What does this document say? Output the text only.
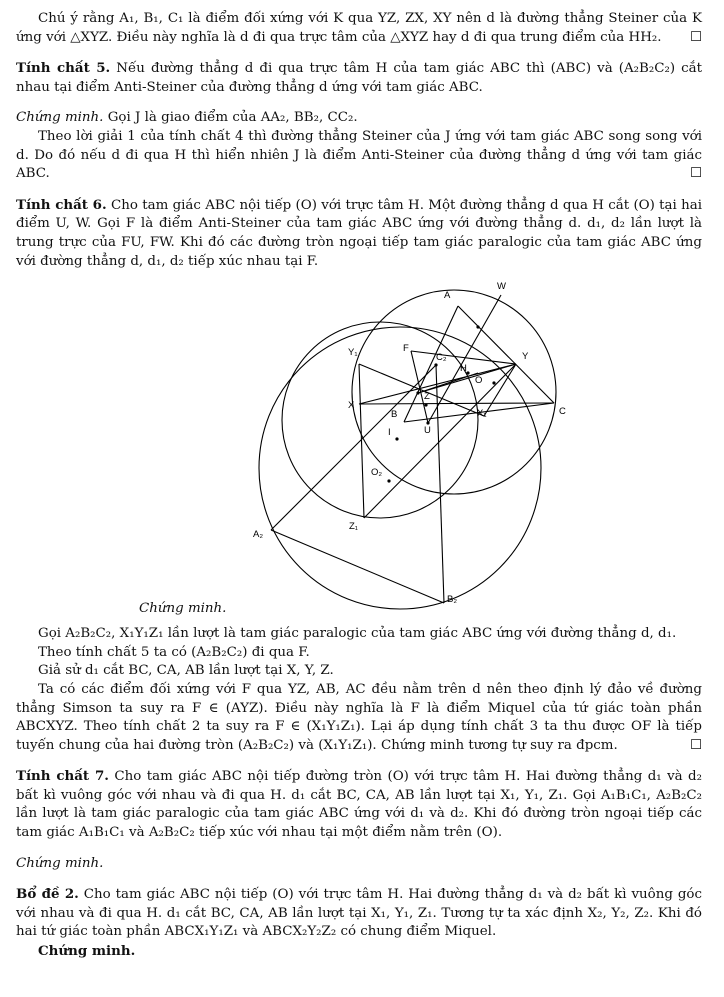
Chú ý rằng A₁, B₁, C₁ là điểm đối xứng với K qua YZ, ZX, XY nên d là đường thẳng Steiner của K ứng với △XYZ. Điều này nghĩa là d đi qua trực tâm của △XYZ hay d đi qua trung điểm của HH₂.	☐

Tính chất 5. Nếu đường thẳng d đi qua trực tâm H của tam giác ABC thì (ABC) và (A₂B₂C₂) cắt nhau tại điểm Anti-Steiner của đường thẳng d ứng với tam giác ABC.

Chứng minh. Gọi J là giao điểm của AA₂, BB₂, CC₂.

Theo lời giải 1 của tính chất 4 thì đường thẳng Steiner của J ứng với tam giác ABC song song với d. Do đó nếu d đi qua H thì hiển nhiên J là điểm Anti-Steiner của đường thẳng d ứng với tam giác ABC.	☐

Tính chất 6. Cho tam giác ABC nội tiếp (O) với trực tâm H. Một đường thẳng d qua H cắt (O) tại hai điểm U, W. Gọi F là điểm Anti-Steiner của tam giác ABC ứng với đường thẳng d. d₁, d₂ lần lượt là trung trực của FU, FW. Khi đó các đường tròn ngoại tiếp tam giác paralogic của tam giác ABC ứng với đường thẳng d, d₁, d₂ tiếp xúc nhau tại F.

A
W
Y₁	F
C₂	Y
H
O
Z
X
B	X₁	C
I	U
O₂
Z₁
A₂
B₂
Chứng minh.

Gọi A₂B₂C₂, X₁Y₁Z₁ lần lượt là tam giác paralogic của tam giác ABC ứng với đường thẳng d, d₁.

Theo tính chất 5 ta có (A₂B₂C₂) đi qua F.

Giả sử d₁ cắt BC, CA, AB lần lượt tại X, Y, Z.

Ta có các điểm đối xứng với F qua YZ, AB, AC đều nằm trên d nên theo định lý đảo về đường thẳng Simson ta suy ra F ∈ (AYZ). Điều này nghĩa là F là điểm Miquel của tứ giác toàn phần ABCXYZ. Theo tính chất 2 ta suy ra F ∈ (X₁Y₁Z₁). Lại áp dụng tính chất 3 ta thu được OF là tiếp tuyến chung của hai đường tròn (A₂B₂C₂) và (X₁Y₁Z₁). Chứng minh tương tự suy ra đpcm.	☐

Tính chất 7. Cho tam giác ABC nội tiếp đường tròn (O) với trực tâm H. Hai đường thẳng d₁ và d₂ bất kì vuông góc với nhau và đi qua H. d₁ cắt BC, CA, AB lần lượt tại X₁, Y₁, Z₁. Gọi A₁B₁C₁, A₂B₂C₂ lần lượt là tam giác paralogic của tam giác ABC ứng với d₁ và d₂. Khi đó đường tròn ngoại tiếp các tam giác A₁B₁C₁ và A₂B₂C₂ tiếp xúc với nhau tại một điểm nằm trên (O).

Chứng minh.

Bổ đề 2. Cho tam giác ABC nội tiếp (O) với trực tâm H. Hai đường thẳng d₁ và d₂ bất kì vuông góc với nhau và đi qua H. d₁ cắt BC, CA, AB lần lượt tại X₁, Y₁, Z₁. Tương tự ta xác định X₂, Y₂, Z₂. Khi đó hai tứ giác toàn phần ABCX₁Y₁Z₁ và ABCX₂Y₂Z₂ có chung điểm Miquel.

Chứng minh.
